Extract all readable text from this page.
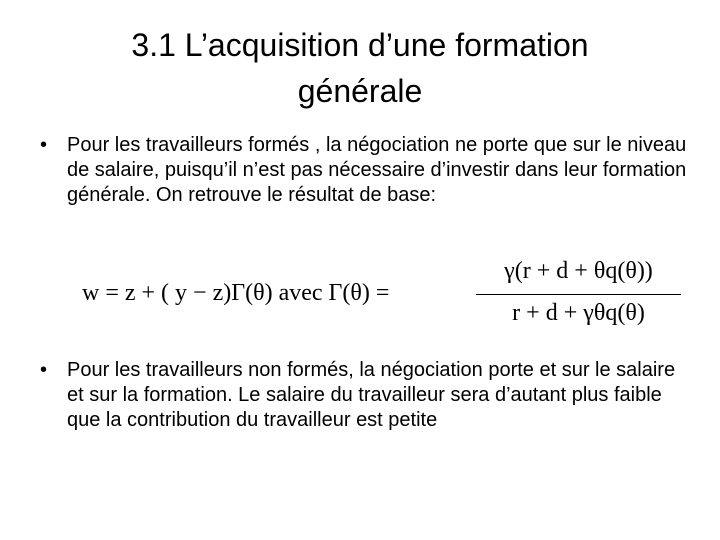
3.1 L’acquisition d’une formation
générale
• Pour les travailleurs formés , la négociation ne porte que sur le niveau de salaire, puisqu’il n’est pas nécessaire d’investir dans leur formation générale. On retrouve le résultat de base:
w = z + ( y − z)Γ(θ) avec Γ(θ) =
γ(r + d + θq(θ))
r + d + γθq(θ)
• Pour les travailleurs non formés, la négociation porte et sur le salaire et sur la formation. Le salaire du travailleur sera d’autant plus faible que la contribution du travailleur est petite
